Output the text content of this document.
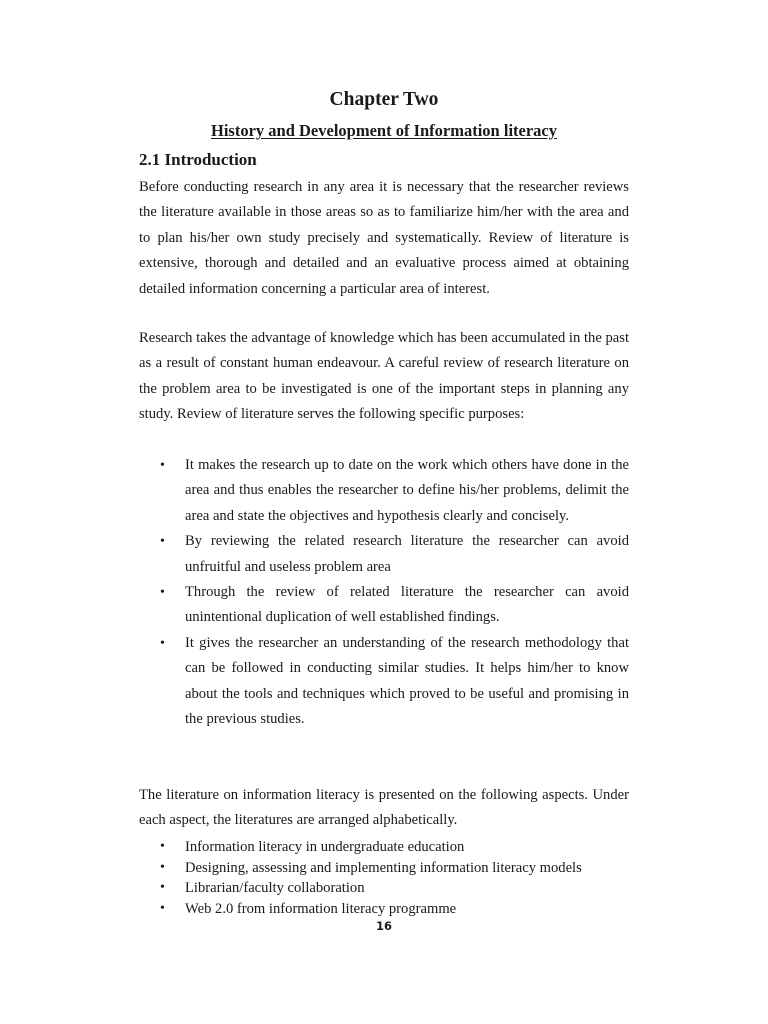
Chapter Two
History and Development of Information literacy
2.1 Introduction

Before conducting research in any area it is necessary that the researcher reviews the literature available in those areas so as to familiarize him/her with the area and to plan his/her own study precisely and systematically. Review of literature is extensive, thorough and detailed and an evaluative process aimed at obtaining detailed information concerning a particular area of interest.

Research takes the advantage of knowledge which has been accumulated in the past as a result of constant human endeavour. A careful review of research literature on the problem area to be investigated is one of the important steps in planning any study. Review of literature serves the following specific purposes:

• It makes the research up to date on the work which others have done in the area and thus enables the researcher to define his/her problems, delimit the area and state the objectives and hypothesis clearly and concisely.
• By reviewing the related research literature the researcher can avoid unfruitful and useless problem area
• Through the review of related literature the researcher can avoid unintentional duplication of well established findings.
• It gives the researcher an understanding of the research methodology that can be followed in conducting similar studies. It helps him/her to know about the tools and techniques which proved to be useful and promising in the previous studies.

The literature on information literacy is presented on the following aspects. Under each aspect, the literatures are arranged alphabetically.

• Information literacy in undergraduate education
• Designing, assessing and implementing information literacy models
• Librarian/faculty collaboration
• Web 2.0 from information literacy programme

16
